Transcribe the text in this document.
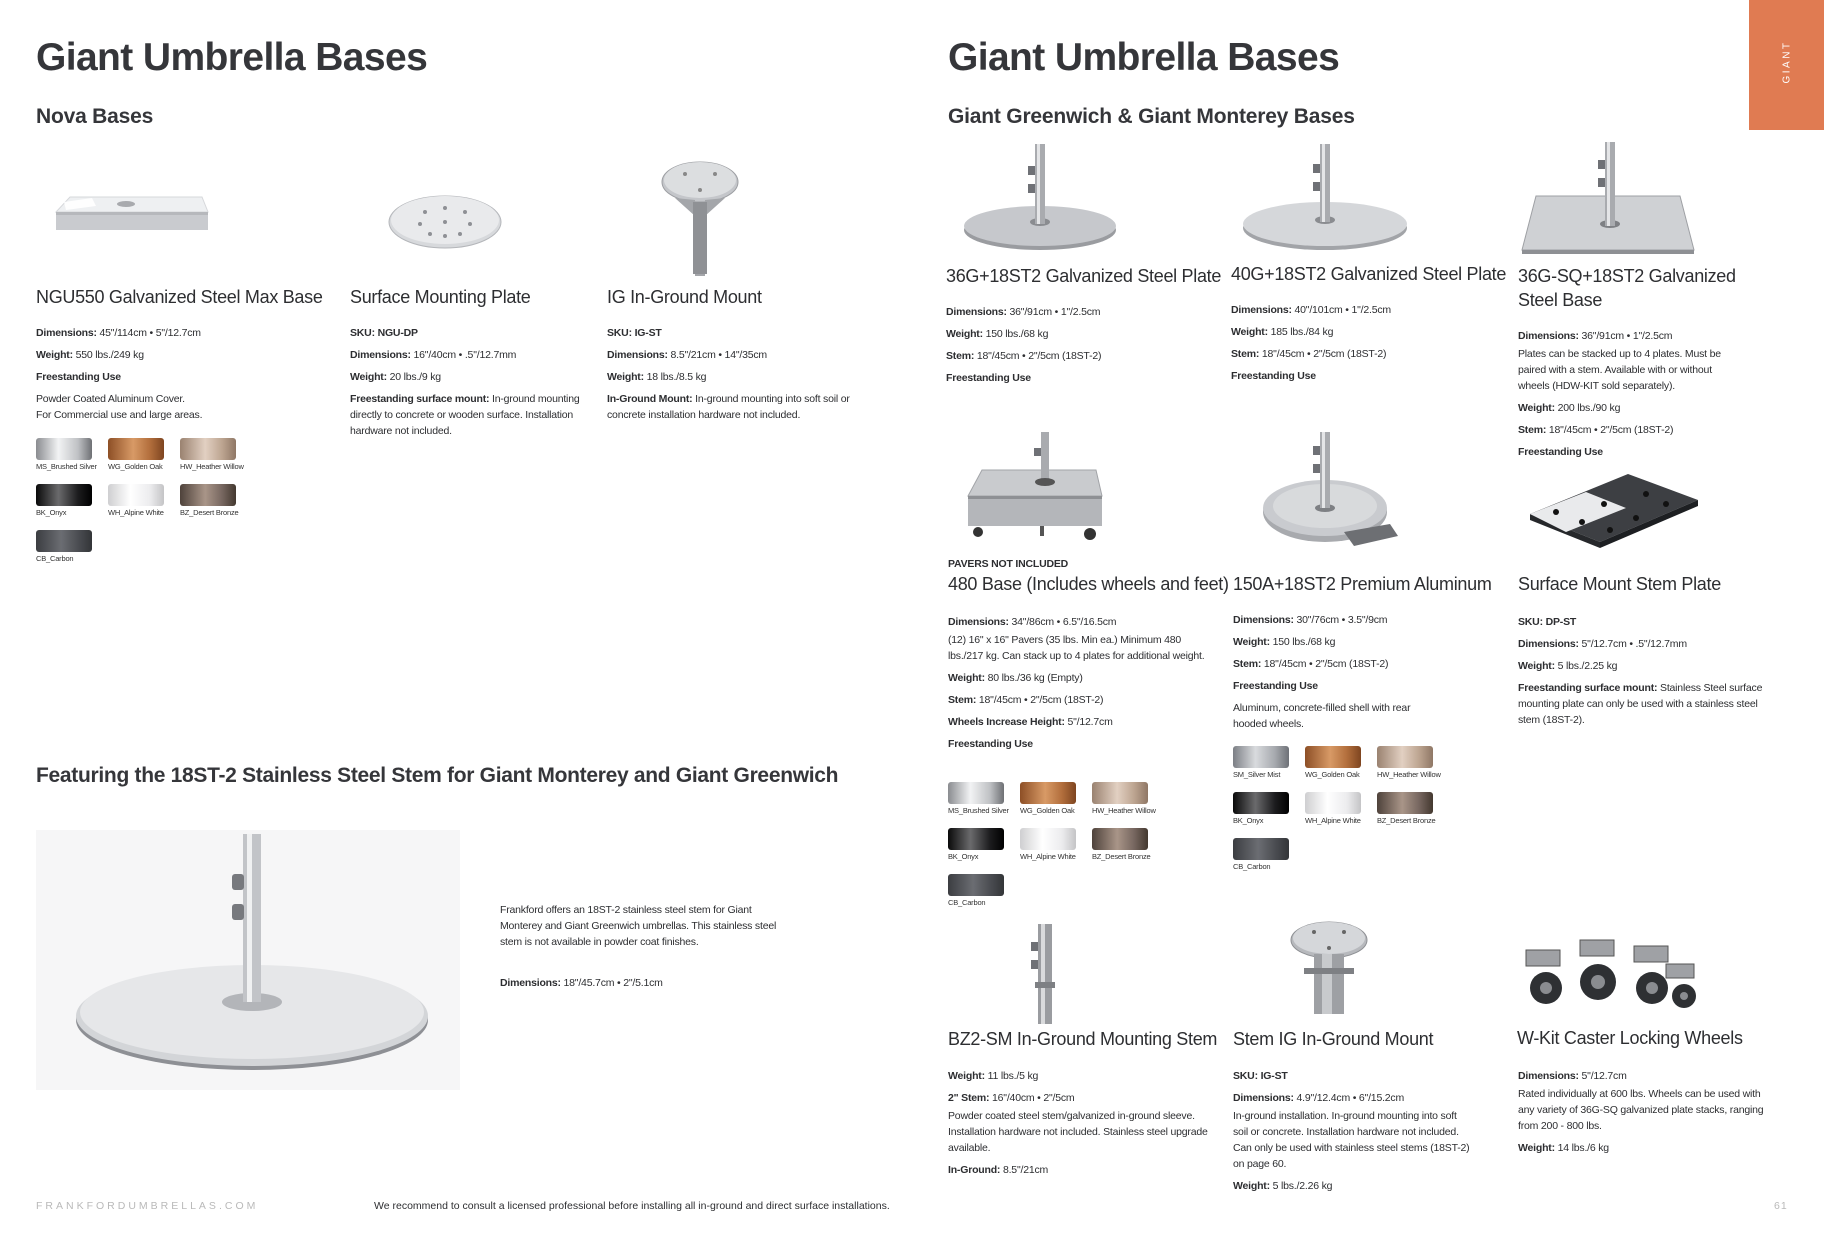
Giant Umbrella Bases
Nova Bases
NGU550 Galvanized Steel Max Base
Dimensions: 45"/114cm • 5"/12.7cm
Weight: 550 lbs./249 kg
Freestanding Use
Powder Coated Aluminum Cover.
For Commercial use and large areas.
Surface Mounting Plate
SKU: NGU-DP
Dimensions: 16"/40cm • .5"/12.7mm
Weight: 20 lbs./9 kg
Freestanding surface mount: In-ground mounting directly to concrete or wooden surface. Installation hardware not included.
IG In-Ground Mount
SKU: IG-ST
Dimensions: 8.5"/21cm • 14"/35cm
Weight: 18 lbs./8.5 kg
In-Ground Mount: In-ground mounting into soft soil or concrete installation hardware not included.
MS_Brushed Silver	WG_Golden Oak	HW_Heather Willow
BK_Onyx	WH_Alpine White	BZ_Desert Bronze
CB_Carbon
Featuring the 18ST-2 Stainless Steel Stem for Giant Monterey and Giant Greenwich
Frankford offers an 18ST-2 stainless steel stem for Giant Monterey and Giant Greenwich umbrellas. This stainless steel stem is not available in powder coat finishes.
Dimensions: 18"/45.7cm • 2"/5.1cm
FRANKFORDUMBRELLAS.COM	We recommend to consult a licensed professional before installing all in-ground and direct surface installations.
GIANT
Giant Umbrella Bases
Giant Greenwich & Giant Monterey Bases
36G+18ST2 Galvanized Steel Plate
Dimensions: 36"/91cm • 1"/2.5cm
Weight: 150 lbs./68 kg
Stem: 18"/45cm • 2"/5cm (18ST-2)
Freestanding Use
40G+18ST2 Galvanized Steel Plate
Dimensions: 40"/101cm • 1"/2.5cm
Weight: 185 lbs./84 kg
Stem: 18"/45cm • 2"/5cm (18ST-2)
Freestanding Use
36G-SQ+18ST2 Galvanized Steel Base
Dimensions: 36"/91cm • 1"/2.5cm
Plates can be stacked up to 4 plates. Must be paired with a stem. Available with or without wheels (HDW-KIT sold separately).
Weight: 200 lbs./90 kg
Stem: 18"/45cm • 2"/5cm (18ST-2)
Freestanding Use
PAVERS NOT INCLUDED
480 Base (Includes wheels and feet)
Dimensions: 34"/86cm • 6.5"/16.5cm
(12) 16" x 16" Pavers (35 lbs. Min ea.) Minimum 480 lbs./217 kg. Can stack up to 4 plates for additional weight.
Weight: 80 lbs./36 kg (Empty)
Stem: 18"/45cm • 2"/5cm (18ST-2)
Wheels Increase Height: 5"/12.7cm
Freestanding Use
MS_Brushed Silver	WG_Golden Oak	HW_Heather Willow
BK_Onyx	WH_Alpine White	BZ_Desert Bronze
CB_Carbon
150A+18ST2 Premium Aluminum
Dimensions: 30"/76cm • 3.5"/9cm
Weight: 150 lbs./68 kg
Stem: 18"/45cm • 2"/5cm (18ST-2)
Freestanding Use
Aluminum, concrete-filled shell with rear hooded wheels.
SM_Silver Mist	WG_Golden Oak	HW_Heather Willow
BK_Onyx	WH_Alpine White	BZ_Desert Bronze
CB_Carbon
Surface Mount Stem Plate
SKU: DP-ST
Dimensions: 5"/12.7cm • .5"/12.7mm
Weight: 5 lbs./2.25 kg
Freestanding surface mount: Stainless Steel surface mounting plate can only be used with a stainless steel stem (18ST-2).
BZ2-SM In-Ground Mounting Stem
Weight: 11 lbs./5 kg
2" Stem: 16"/40cm • 2"/5cm
Powder coated steel stem/galvanized in-ground sleeve. Installation hardware not included. Stainless steel upgrade available.
In-Ground: 8.5"/21cm
Stem IG In-Ground Mount
SKU: IG-ST
Dimensions: 4.9"/12.4cm • 6"/15.2cm
In-ground installation. In-ground mounting into soft soil or concrete. Installation hardware not included. Can only be used with stainless steel stems (18ST-2) on page 60.
Weight: 5 lbs./2.26 kg
W-Kit Caster Locking Wheels
Dimensions: 5"/12.7cm
Rated individually at 600 lbs. Wheels can be used with any variety of 36G-SQ galvanized plate stacks, ranging from 200 - 800 lbs.
Weight: 14 lbs./6 kg
61
